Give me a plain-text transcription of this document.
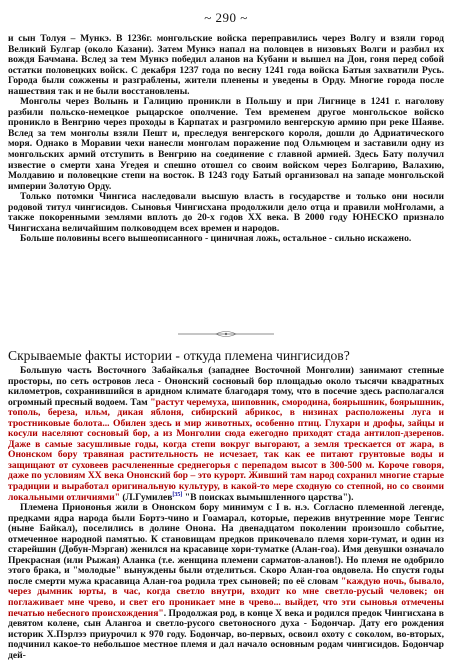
~ 290 ~

и сын Толуя – Мункэ. В 1236г. монгольские войска переправились через Волгу и взяли город Великий Булгар (около Казани). Затем Мункэ напал на половцев в низовьях Волги и разбил их вождя Бачмана. Вслед за тем Мункэ победил аланов на Кубани и вышел на Дон, гоня перед собой остатки половецких войск. С декабря 1237 года по весну 1241 года войска Батыя захватили Русь. Города были сожжены и разграблены, жители пленены и уведены в Орду. Многие города после нашествия так и не были восстановлены.

Монголы через Волынь и Галицию проникли в Польшу и при Лигнице в 1241 г. наголову разбили польско-немецкое рыцарское ополчение. Тем временем другое монгольское войско проникло в Венгрию через проходы в Карпатах и разгромило венгерскую армию при реке Шаяве. Вслед за тем монголы взяли Пешт и, преследуя венгерского короля, дошли до Адриатического моря. Однако в Моравии чехи нанесли монголам поражение под Ольмюцем и заставили одну из монгольских армий отступить в Венгрию на соединение с главной армией. Здесь Бату получил известие о смерти хана Угедея и спешно отошел со своим войском через Болгарию, Валахию, Молдавию и половецкие степи на восток. В 1243 году Батый организовал на западе монгольской империи Золотую Орду.

Только потомки Чингиса наследовали высшую власть в государстве и только они носили родовой титул чингисидов. Сыновья Чингисхана продолжили дело отца и правили моНголами, а также покоренными землями вплоть до 20-х годов XX века. В 2000 году ЮНЕСКО признало Чингисхана величайшим полководцем всех времен и народов.

Больше половины всего вышеописанного - циничная ложь, остальное - сильно искажено.

Скрываемые факты истории - откуда племена чингисидов?

Большую часть Восточного Забайкалья (западнее Восточной Монголии) занимают степные просторы, по сеть островов леса - Ононский сосновый бор площадью около тысячи квадратных километров, сохранившийся в аридном климате благодаря тому, что в посечие здесь располагался огромный пресный водоем. Там "растут черемуха, шиповник, смородина, боярышник, боярышник, тополь, береза, ильм, дикая яблоня, сибирский абрикос, в низинах расположены луга и тростниковые болота... Обилен здесь и мир животных, особенно птиц. Глухари и дрофы, зайцы и косули населяют сосновый бор, а из Монголии сюда ежегодно приходят стада антилоп-дзеренов. Даже в самые засушливые годы, когда степи вокруг выгорают, а земля трескается от жара, в Ононском бору травяная растительность не исчезает, так как ее питают грунтовые воды и защищают от суховеев расчлененные среднегорья с перепадом высот в 300-500 м. Короче говоря, даже по условиям XX века Ононский бор – это курорт. Живший там народ сохранил многие старые традиции и выработал оригинальную культуру, в какой-то мере сходную со степной, но со своими локальными отличиями" (Л.Гумилев[35] "В поисках вымышленного царства").

Племена Приононья жили в Ононском бору минимум с I в. н.э. Согласно племенной легенде, предками ядра народа были Бортэ-чино и Гоамарал, которые, пережив внутренние море Тенгис (ныне Байкал), поселились в долине Онона. На двенадцатом поколении произошло событие, отмеченное народной памятью. К становищам предков прикочевало племя хори-тумат, и один из старейшин (Добун-Мэрган) женился на красавице хори-туматке (Алан-гоа). Имя девушки означало Прекрасная (или Рыжая) Аланка (т.е. женщина племени сарматов-аланов!). Но племя не одобрило этого брака, и "молодые" вынуждены были отделиться. Скоро Алан-гоа овдовела. Но спустя годы после смерти мужа красавица Алан-гоа родила трех сыновей; по её словам "каждую ночь, бывало, через дымник юрты, в час, когда светло внутри, входит ко мне светло-русый человек; он поглаживает мне чрево, и свет его проникает мне в чрево... выйдет, что эти сыновья отмечены печатью небесного происхождения". Продолжая род, в конце X века и родился предок Чингисхана в девятом колене, сын Алангоа и светло-русого светоносного духа - Бодончар. Дату его рождения историк Х.Пэрлээ приурочил к 970 году. Бодончар, во-первых, освоил охоту с соколом, во-вторых, подчинил какое-то небольшое местное племя и дал начало основным родам чингисидов. Бодончар дей-
